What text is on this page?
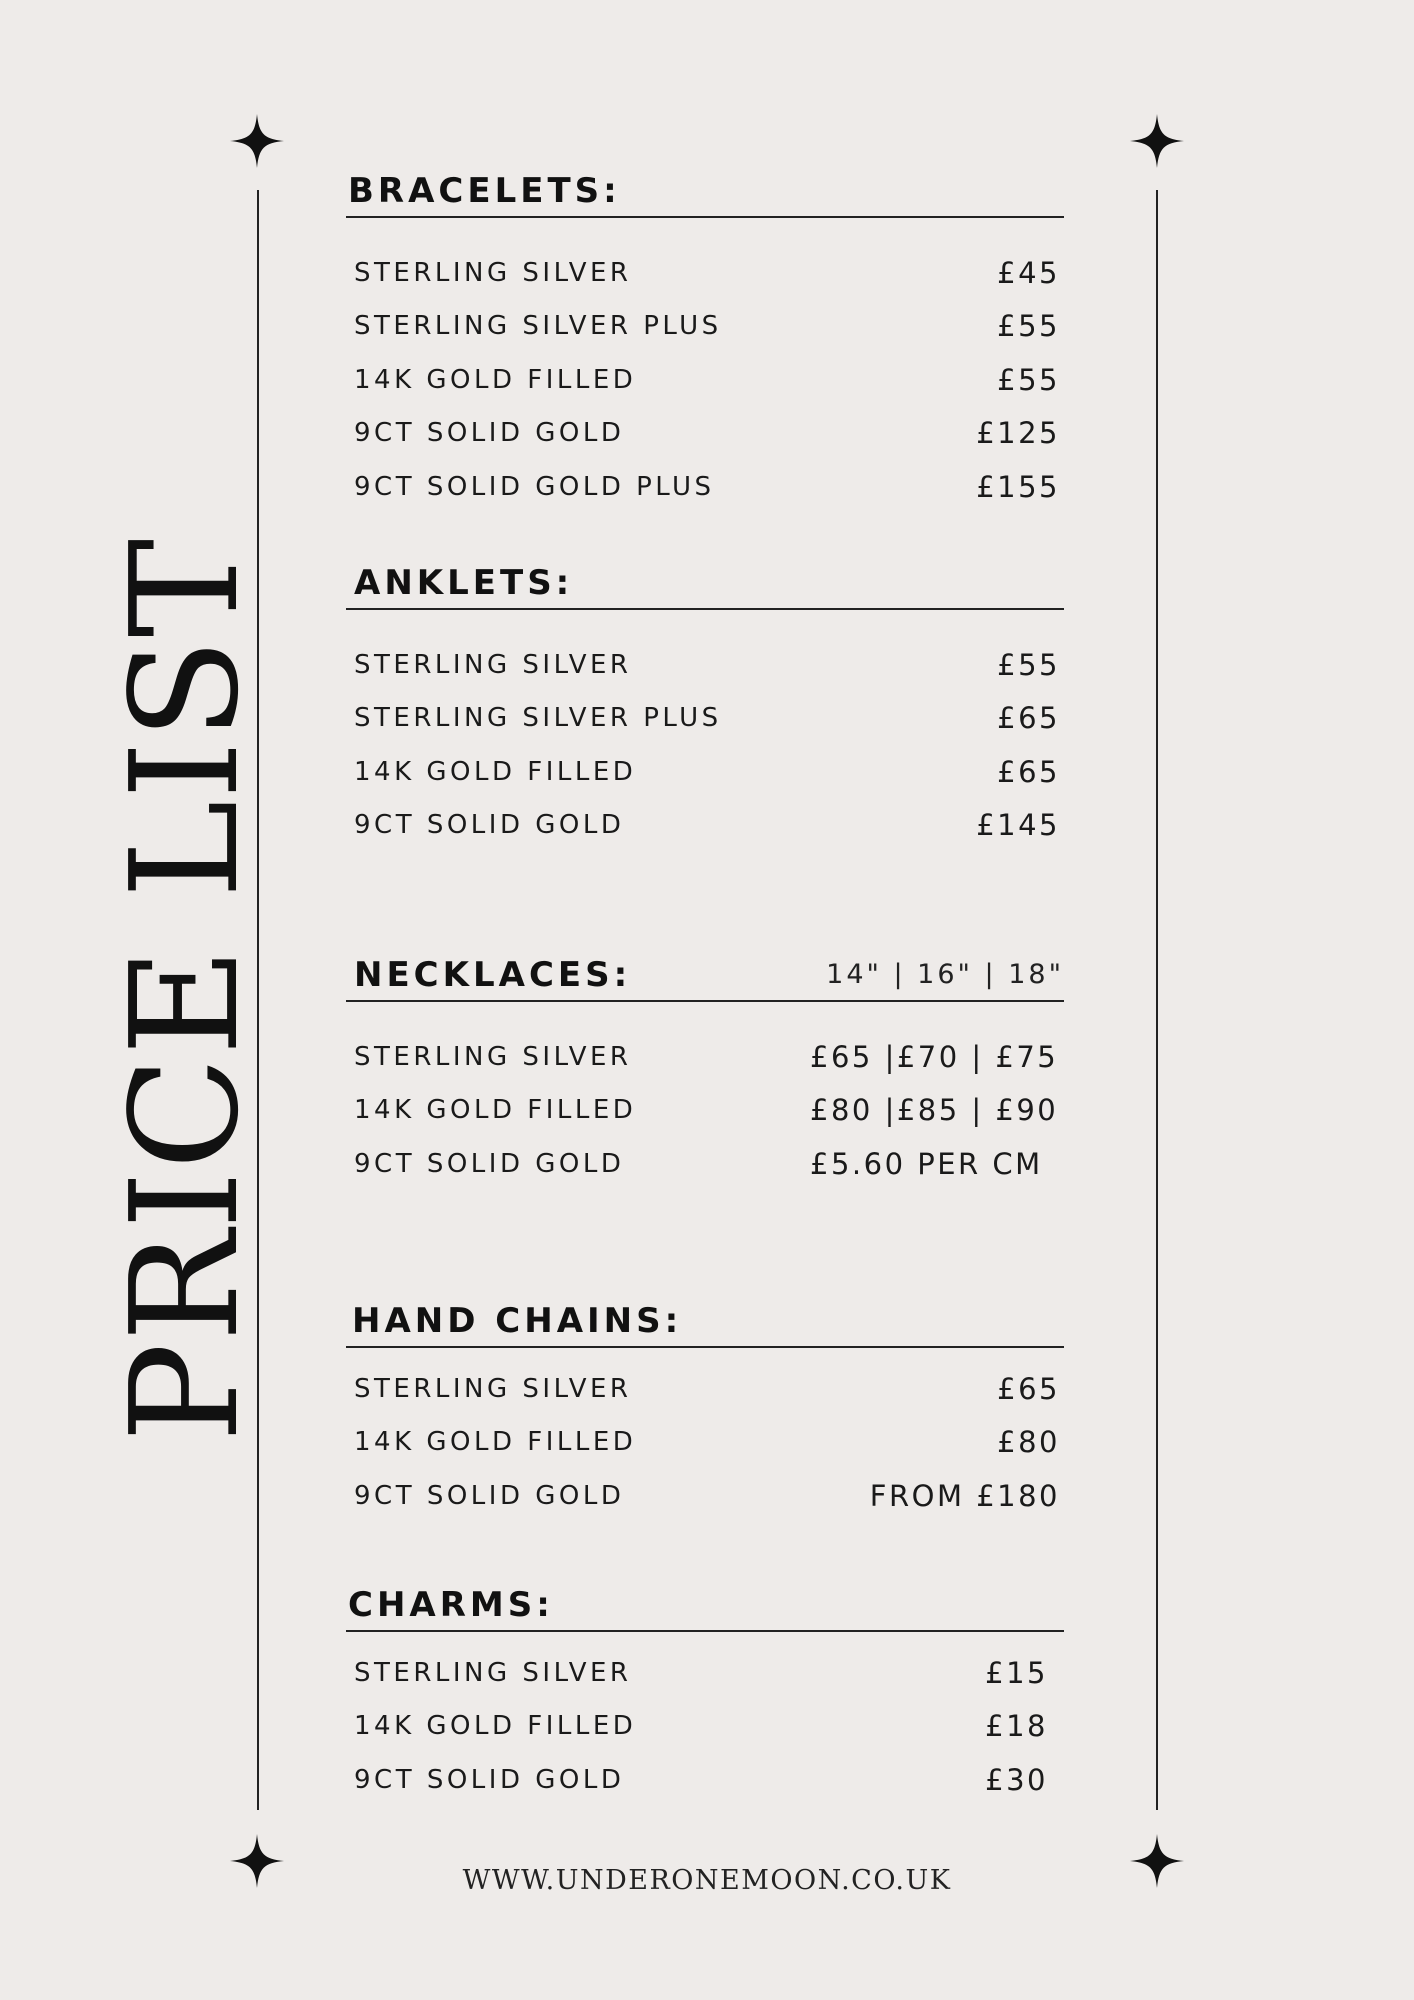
PRICE LIST
BRACELETS:
STERLING SILVER	£45
STERLING SILVER PLUS	£55
14K GOLD FILLED	£55
9CT SOLID GOLD	£125
9CT SOLID GOLD PLUS	£155
ANKLETS:
STERLING SILVER	£55
STERLING SILVER PLUS	£65
14K GOLD FILLED	£65
9CT SOLID GOLD	£145
NECKLACES:	14" | 16" | 18"
STERLING SILVER	£65 |£70 | £75
14K GOLD FILLED	£80 |£85 | £90
9CT SOLID GOLD	£5.60 PER CM
HAND CHAINS:
STERLING SILVER	£65
14K GOLD FILLED	£80
9CT SOLID GOLD	FROM £180
CHARMS:
STERLING SILVER	£15
14K GOLD FILLED	£18
9CT SOLID GOLD	£30
WWW.UNDERONEMOON.CO.UK
